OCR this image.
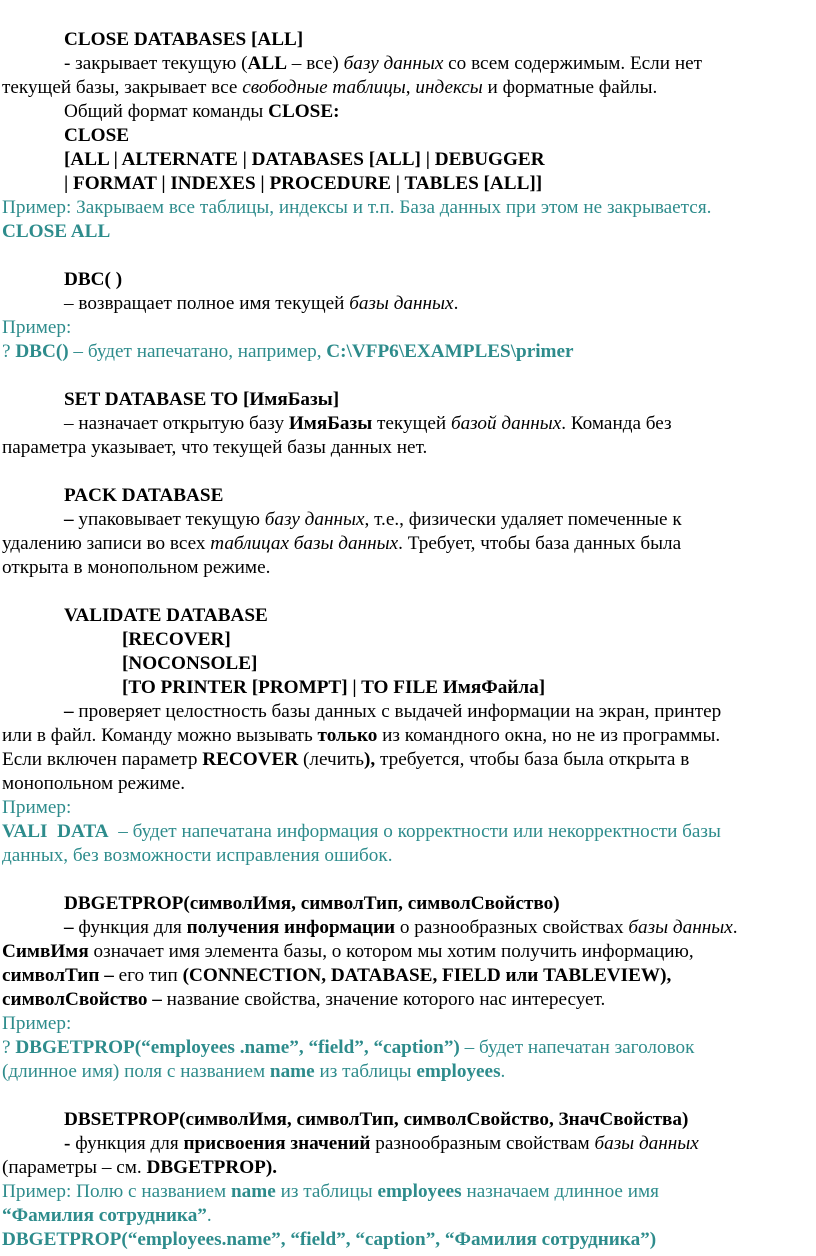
CLOSE DATABASES [ALL]
- закрывает текущую (ALL – все) базу данных со всем содержимым. Если нет
текущей базы, закрывает все свободные таблицы, индексы и форматные файлы.
Общий формат команды CLOSE:
CLOSE
[ALL | ALTERNATE | DATABASES [ALL] | DEBUGGER
| FORMAT | INDEXES | PROCEDURE | TABLES [ALL]]
Пример: Закрываем все таблицы, индексы и т.п. База данных при этом не закрывается.
CLOSE ALL
DBC( )
– возвращает полное имя текущей базы данных.
Пример:
? DBC() – будет напечатано, например, C:\VFP6\EXAMPLES\primer
SET DATABASE TO [ИмяБазы]
– назначает открытую базу ИмяБазы текущей базой данных. Команда без
параметра указывает, что текущей базы данных нет.
PACK DATABASE
– упаковывает текущую базу данных, т.е., физически удаляет помеченные к
удалению записи во всех таблицах базы данных. Требует, чтобы база данных была
открыта в монопольном режиме.
VALIDATE DATABASE
[RECOVER]
[NOCONSOLE]
[TO PRINTER [PROMPT] | TO FILE ИмяФайла]
– проверяет целостность базы данных с выдачей информации на экран, принтер
или в файл. Команду можно вызывать только из командного окна, но не из программы.
Если включен параметр RECOVER (лечить), требуется, чтобы база была открыта в
монопольном режиме.
Пример:
VALI  DATA  – будет напечатана информация о корректности или некорректности базы
данных, без возможности исправления ошибок.
DBGETPROP(символИмя, символТип, символСвойство)
– функция для получения информации о разнообразных свойствах базы данных.
СимвИмя означает имя элемента базы, о котором мы хотим получить информацию,
символТип – его тип (CONNECTION, DATABASE, FIELD или TABLEVIEW),
символСвойство – название свойства, значение которого нас интересует.
Пример:
? DBGETPROP(“employees .name”, “field”, “caption”) – будет напечатан заголовок
(длинное имя) поля с названием name из таблицы employees.
DBSETPROP(символИмя, символТип, символСвойство, ЗначСвойства)
- функция для присвоения значений разнообразным свойствам базы данных
(параметры – см. DBGETPROP).
Пример: Полю с названием name из таблицы employees назначаем длинное имя
“Фамилия сотрудника”.
DBGETPROP(“employees.name”, “field”, “caption”, “Фамилия сотрудника”)
